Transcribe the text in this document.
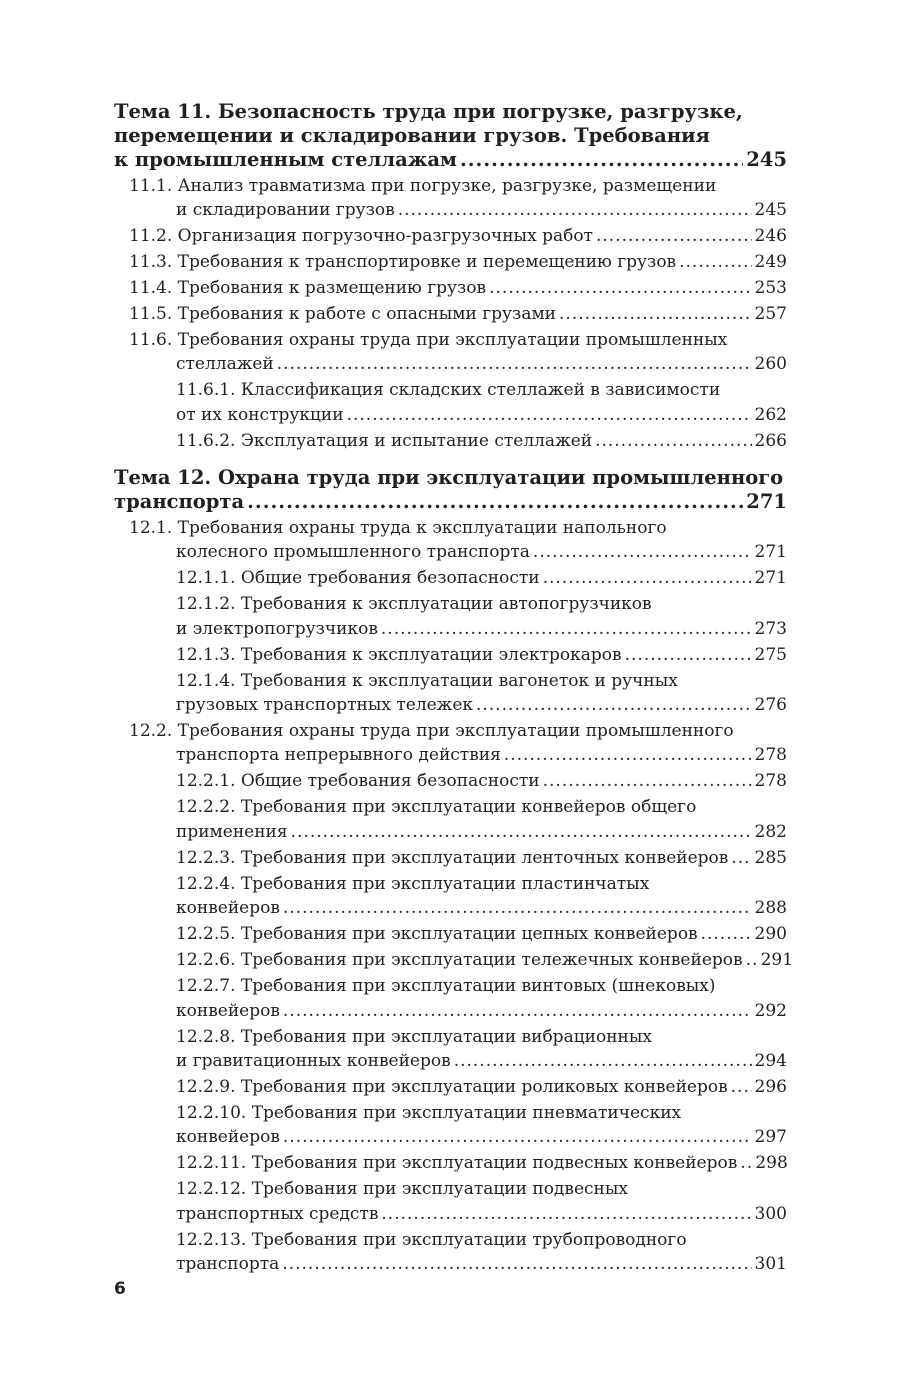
Тема 11. Безопасность труда при погрузке, разгрузке,
перемещении и складировании грузов. Требования
к промышленным стеллажам .....	245
11.1. Анализ травматизма при погрузке, разгрузке, размещении
и складировании грузов .....	245
11.2. Организация погрузочно-разгрузочных работ .....	246
11.3. Требования к транспортировке и перемещению грузов .....	249
11.4. Требования к размещению грузов .....	253
11.5. Требования к работе с опасными грузами .....	257
11.6. Требования охраны труда при эксплуатации промышленных
стеллажей .....	260
11.6.1. Классификация складских стеллажей в зависимости
от их конструкции .....	262
11.6.2. Эксплуатация и испытание стеллажей .....	266
Тема 12. Охрана труда при эксплуатации промышленного
транспорта .....	271
12.1. Требования охраны труда к эксплуатации напольного
колесного промышленного транспорта .....	271
12.1.1. Общие требования безопасности .....	271
12.1.2. Требования к эксплуатации автопогрузчиков
и электропогрузчиков .....	273
12.1.3. Требования к эксплуатации электрокаров .....	275
12.1.4. Требования к эксплуатации вагонеток и ручных
грузовых транспортных тележек .....	276
12.2. Требования охраны труда при эксплуатации промышленного
транспорта непрерывного действия .....	278
12.2.1. Общие требования безопасности .....	278
12.2.2. Требования при эксплуатации конвейеров общего
применения .....	282
12.2.3. Требования при эксплуатации ленточных конвейеров ..... 285
12.2.4. Требования при эксплуатации пластинчатых
конвейеров .....	288
12.2.5. Требования при эксплуатации цепных конвейеров .....	290
12.2.6. Требования при эксплуатации тележечных конвейеров ..... 291
12.2.7. Требования при эксплуатации винтовых (шнековых)
конвейеров .....	292
12.2.8. Требования при эксплуатации вибрационных
и гравитационных конвейеров .....	294
12.2.9. Требования при эксплуатации роликовых конвейеров ..... 296
12.2.10. Требования при эксплуатации пневматических
конвейеров .....	297
12.2.11. Требования при эксплуатации подвесных конвейеров ..... 298
12.2.12. Требования при эксплуатации подвесных
транспортных средств .....	300
12.2.13. Требования при эксплуатации трубопроводного
транспорта .....	301
6
